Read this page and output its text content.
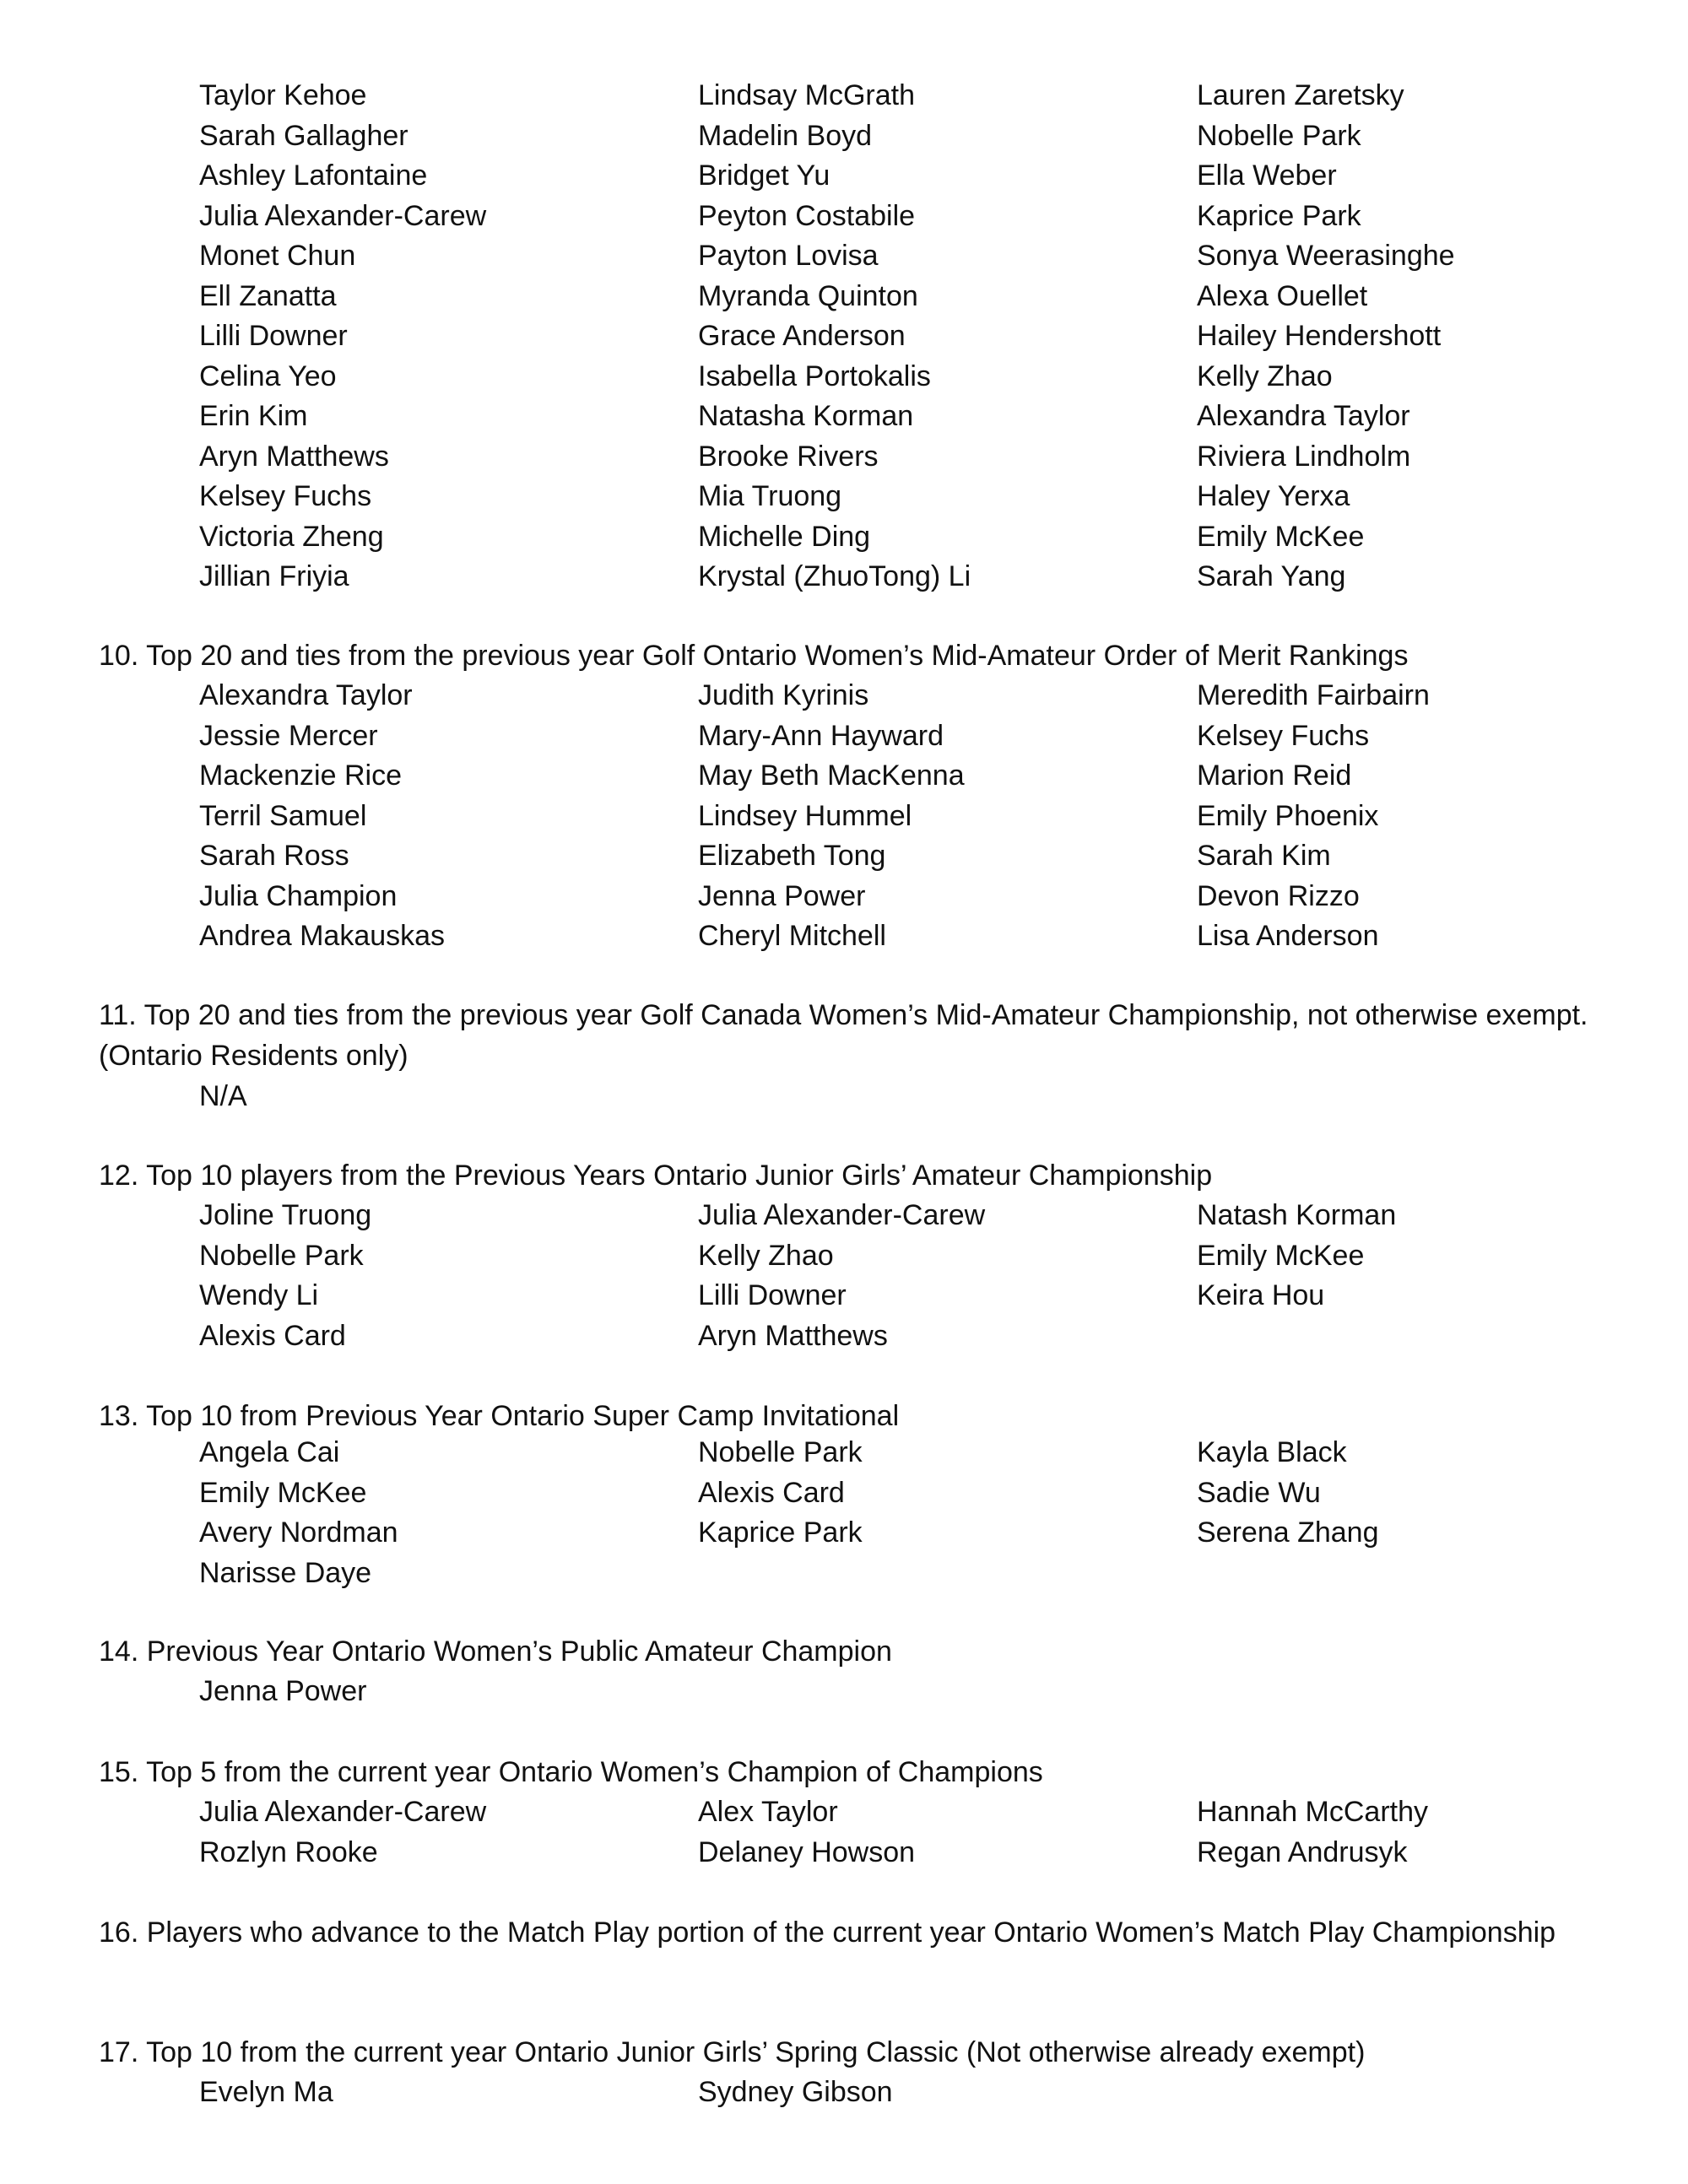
10. Top 20 and ties from the previous year Golf Ontario Women’s Mid-Amateur Order of Merit Rankings
11. Top 20 and ties from the previous year Golf Canada Women’s Mid-Amateur Championship, not otherwise exempt.
(Ontario Residents only)
N/A
12. Top 10 players from the Previous Years Ontario Junior Girls’ Amateur Championship
13. Top 10 from Previous Year Ontario Super Camp Invitational
14. Previous Year Ontario Women’s Public Amateur Champion
Jenna Power
15. Top 5 from the current year Ontario Women’s Champion of Champions
16. Players who advance to the Match Play portion of the current year Ontario Women’s Match Play Championship
17. Top 10 from the current year Ontario Junior Girls’ Spring Classic (Not otherwise already exempt)
Taylor Kehoe
Sarah Gallagher
Ashley Lafontaine
Julia Alexander-Carew
Monet Chun
Ell Zanatta
Lilli Downer
Celina Yeo
Erin Kim
Aryn Matthews
Kelsey Fuchs
Victoria Zheng
Jillian Friyia
Lindsay McGrath
Madelin Boyd
Bridget Yu
Peyton Costabile
Payton Lovisa
Myranda Quinton
Grace Anderson
Isabella Portokalis
Natasha Korman
Brooke Rivers
Mia Truong
Michelle Ding
Krystal (ZhuoTong) Li
Lauren Zaretsky
Nobelle Park
Ella Weber
Kaprice Park
Sonya Weerasinghe
Alexa Ouellet
Hailey Hendershott
Kelly Zhao
Alexandra Taylor
Riviera Lindholm
Haley Yerxa
Emily McKee
Sarah Yang
Alexandra Taylor
Jessie Mercer
Mackenzie Rice
Terril Samuel
Sarah Ross
Julia Champion
Andrea Makauskas
Judith Kyrinis
Mary-Ann Hayward
May Beth MacKenna
Lindsey Hummel
Elizabeth Tong
Jenna Power
Cheryl Mitchell
Meredith Fairbairn
Kelsey Fuchs
Marion Reid
Emily Phoenix
Sarah Kim
Devon Rizzo
Lisa Anderson
Joline Truong
Nobelle Park
Wendy Li
Alexis Card
Julia Alexander-Carew
Kelly Zhao
Lilli Downer
Aryn Matthews
Natash Korman
Emily McKee
Keira Hou
Angela Cai
Emily McKee
Avery Nordman
Narisse Daye
Nobelle Park
Alexis Card
Kaprice Park
Kayla Black
Sadie Wu
Serena Zhang
Julia Alexander-Carew
Rozlyn Rooke
Alex Taylor
Delaney Howson
Hannah McCarthy
Regan Andrusyk
Evelyn Ma	Sydney Gibson
